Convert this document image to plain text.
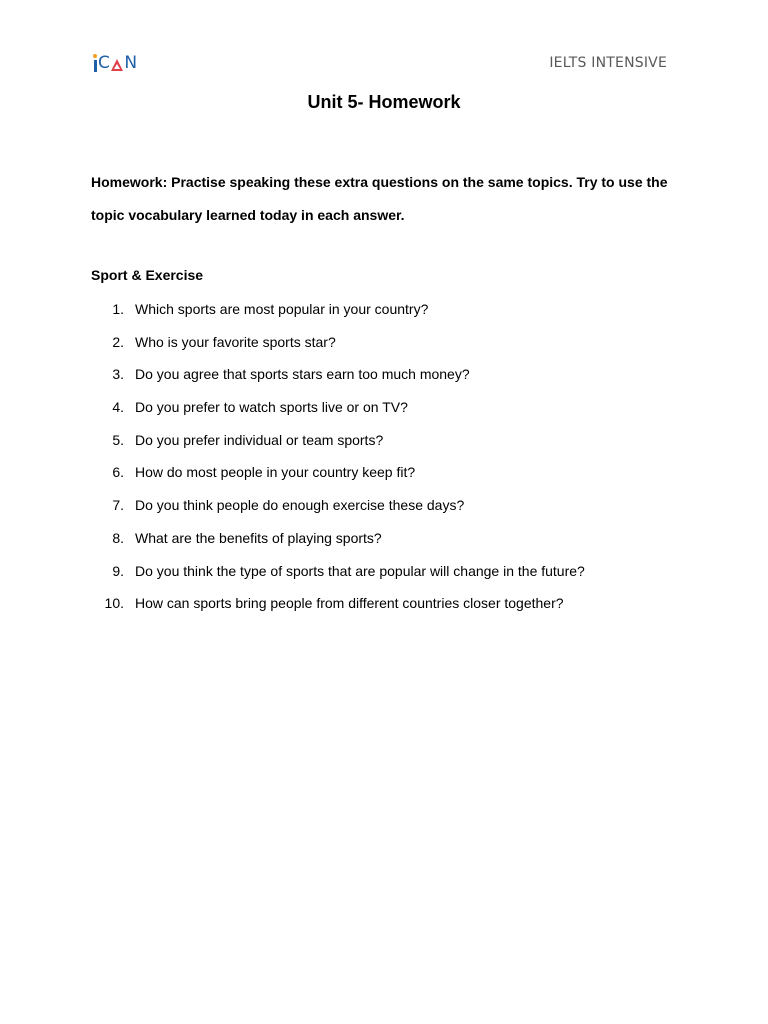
C N	IELTS INTENSIVE
Unit 5- Homework
Homework: Practise speaking these extra questions on the same topics. Try to use the topic vocabulary learned today in each answer.
Sport & Exercise
1. Which sports are most popular in your country?
2. Who is your favorite sports star?
3. Do you agree that sports stars earn too much money?
4. Do you prefer to watch sports live or on TV?
5. Do you prefer individual or team sports?
6. How do most people in your country keep fit?
7. Do you think people do enough exercise these days?
8. What are the benefits of playing sports?
9. Do you think the type of sports that are popular will change in the future?
10. How can sports bring people from different countries closer together?
